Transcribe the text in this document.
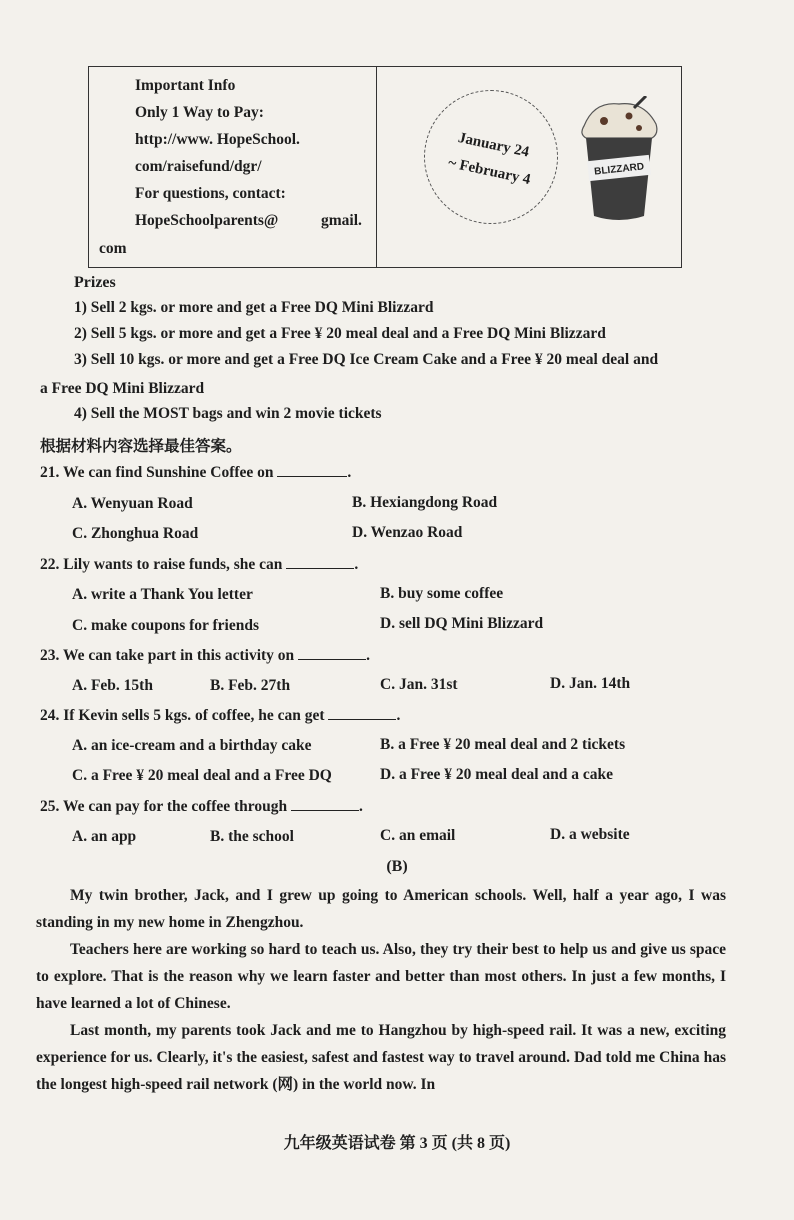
Important Info
Only 1 Way to Pay:
http://www. HopeSchool.
com/raisefund/dgr/
For questions, contact:
HopeSchoolparents@	gmail.
com
January 24
~ February 4	BLIZZARD
Prizes
1) Sell 2 kgs. or more and get a Free DQ Mini Blizzard
2) Sell 5 kgs. or more and get a Free ¥ 20 meal deal and a Free DQ Mini Blizzard
3) Sell 10 kgs. or more and get a Free DQ Ice Cream Cake and a Free ¥ 20 meal deal and
a Free DQ Mini Blizzard
4) Sell the MOST bags and win 2 movie tickets
根据材料内容选择最佳答案。
21. We can find Sunshine Coffee on	.
A. Wenyuan Road	B. Hexiangdong Road
C. Zhonghua Road	D. Wenzao Road
22. Lily wants to raise funds, she can	.
A. write a Thank You letter	B. buy some coffee
C. make coupons for friends	D. sell DQ Mini Blizzard
23. We can take part in this activity on	.
A. Feb. 15th	B. Feb. 27th	C. Jan. 31st	D. Jan. 14th
24. If Kevin sells 5 kgs. of coffee, he can get	.
A. an ice-cream and a birthday cake	B. a Free ¥ 20 meal deal and 2 tickets
C. a Free ¥ 20 meal deal and a Free DQ	D. a Free ¥ 20 meal deal and a cake
25. We can pay for the coffee through	.
A. an app	B. the school	C. an email	D. a website
(B)
My twin brother, Jack, and I grew up going to American schools. Well, half a year ago, I was standing in my new home in Zhengzhou.
Teachers here are working so hard to teach us. Also, they try their best to help us and give us space to explore. That is the reason why we learn faster and better than most others. In just a few months, I have learned a lot of Chinese.
Last month, my parents took Jack and me to Hangzhou by high-speed rail. It was a new, exciting experience for us. Clearly, it's the easiest, safest and fastest way to travel around. Dad told me China has the longest high-speed rail network (网) in the world now. In
九年级英语试卷 第 3 页 (共 8 页)
